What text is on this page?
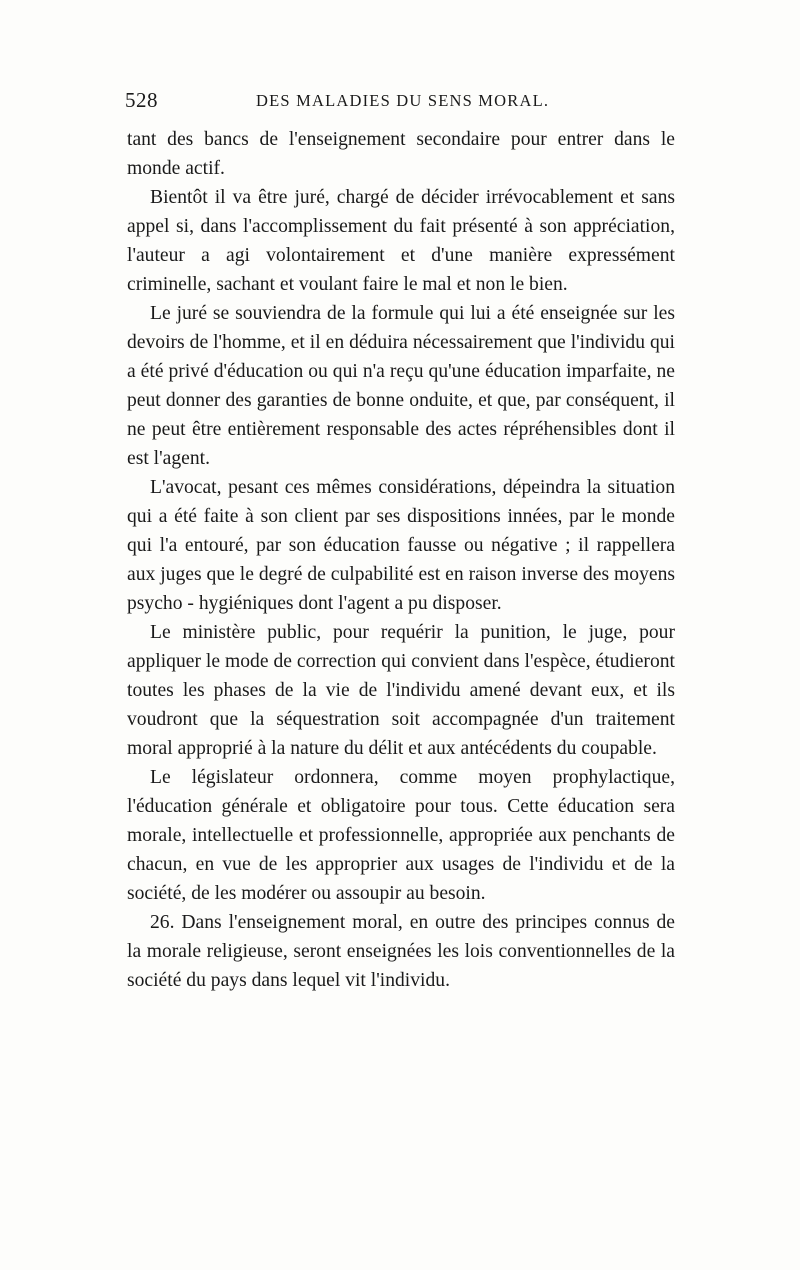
528	DES MALADIES DU SENS MORAL.

tant des bancs de l'enseignement secondaire pour entrer dans le monde actif.

Bientôt il va être juré, chargé de décider irrévocablement et sans appel si, dans l'accomplissement du fait présenté à son appréciation, l'auteur a agi volontairement et d'une manière expressément criminelle, sachant et voulant faire le mal et non le bien.

Le juré se souviendra de la formule qui lui a été enseignée sur les devoirs de l'homme, et il en déduira nécessairement que l'individu qui a été privé d'éducation ou qui n'a reçu qu'une éducation imparfaite, ne peut donner des garanties de bonne onduite, et que, par conséquent, il ne peut être entièrement responsable des actes répréhensibles dont il est l'agent.

L'avocat, pesant ces mêmes considérations, dépeindra la situation qui a été faite à son client par ses dispositions innées, par le monde qui l'a entouré, par son éducation fausse ou négative ; il rappellera aux juges que le degré de culpabilité est en raison inverse des moyens psycho - hygiéniques dont l'agent a pu disposer.

Le ministère public, pour requérir la punition, le juge, pour appliquer le mode de correction qui convient dans l'espèce, étudieront toutes les phases de la vie de l'individu amené devant eux, et ils voudront que la séquestration soit accompagnée d'un traitement moral approprié à la nature du délit et aux antécédents du coupable.

Le législateur ordonnera, comme moyen prophylactique, l'éducation générale et obligatoire pour tous. Cette éducation sera morale, intellectuelle et professionnelle, appropriée aux penchants de chacun, en vue de les approprier aux usages de l'individu et de la société, de les modérer ou assoupir au besoin.

26. Dans l'enseignement moral, en outre des principes connus de la morale religieuse, seront enseignées les lois conventionnelles de la société du pays dans lequel vit l'individu.
